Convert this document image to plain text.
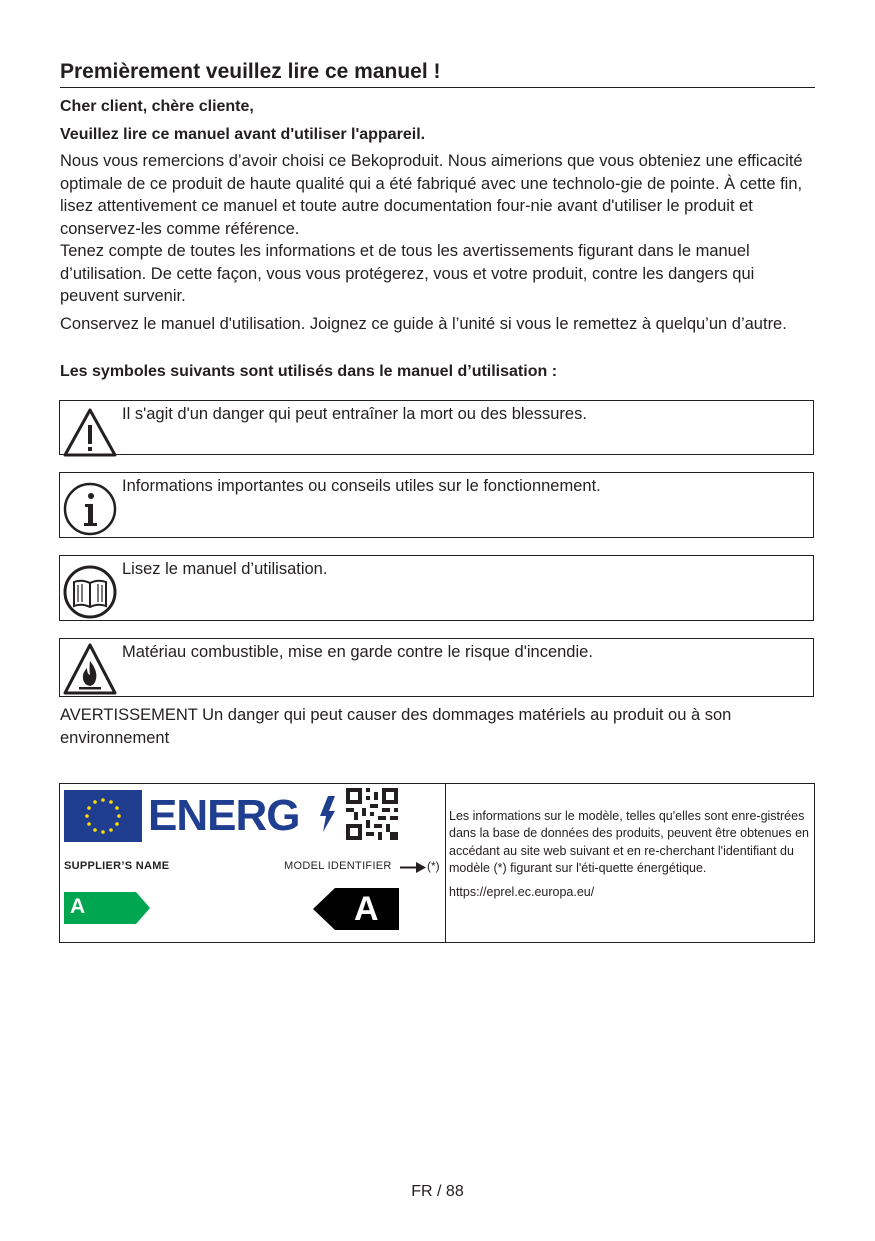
Premièrement veuillez lire ce manuel !
Cher client, chère cliente,
Veuillez lire ce manuel avant d'utiliser l'appareil.
Nous vous remercions d’avoir choisi ce Bekoproduit. Nous aimerions que vous obteniez une efficacité optimale de ce produit de haute qualité qui a été fabriqué avec une technolo-gie de pointe. À cette fin, lisez attentivement ce manuel et toute autre documentation four-nie avant d'utiliser le produit et conservez-les comme référence.
Tenez compte de toutes les informations et de tous les avertissements figurant dans le manuel d’utilisation. De cette façon, vous vous protégerez, vous et votre produit, contre les dangers qui peuvent survenir.
Conservez le manuel d'utilisation. Joignez ce guide à l’unité si vous le remettez à quelqu’un d’autre.
Les symboles suivants sont utilisés dans le manuel d’utilisation :
Il s'agit d'un danger qui peut entraîner la mort ou des blessures.
Informations importantes ou conseils utiles sur le fonctionnement.
Lisez le manuel d’utilisation.
Matériau combustible, mise en garde contre le risque d'incendie.
AVERTISSEMENT Un danger qui peut causer des dommages matériels au produit ou à son environnement
ENERG
SUPPLIER’S NAME	MODEL IDENTIFIER	(*)
A	A

Les informations sur le modèle, telles qu'elles sont enre-gistrées dans la base de données des produits, peuvent être obtenues en accédant au site web suivant et en re-cherchant l'identifiant du modèle (*) figurant sur l'éti-quette énergétique.

https://eprel.ec.europa.eu/
FR / 88
